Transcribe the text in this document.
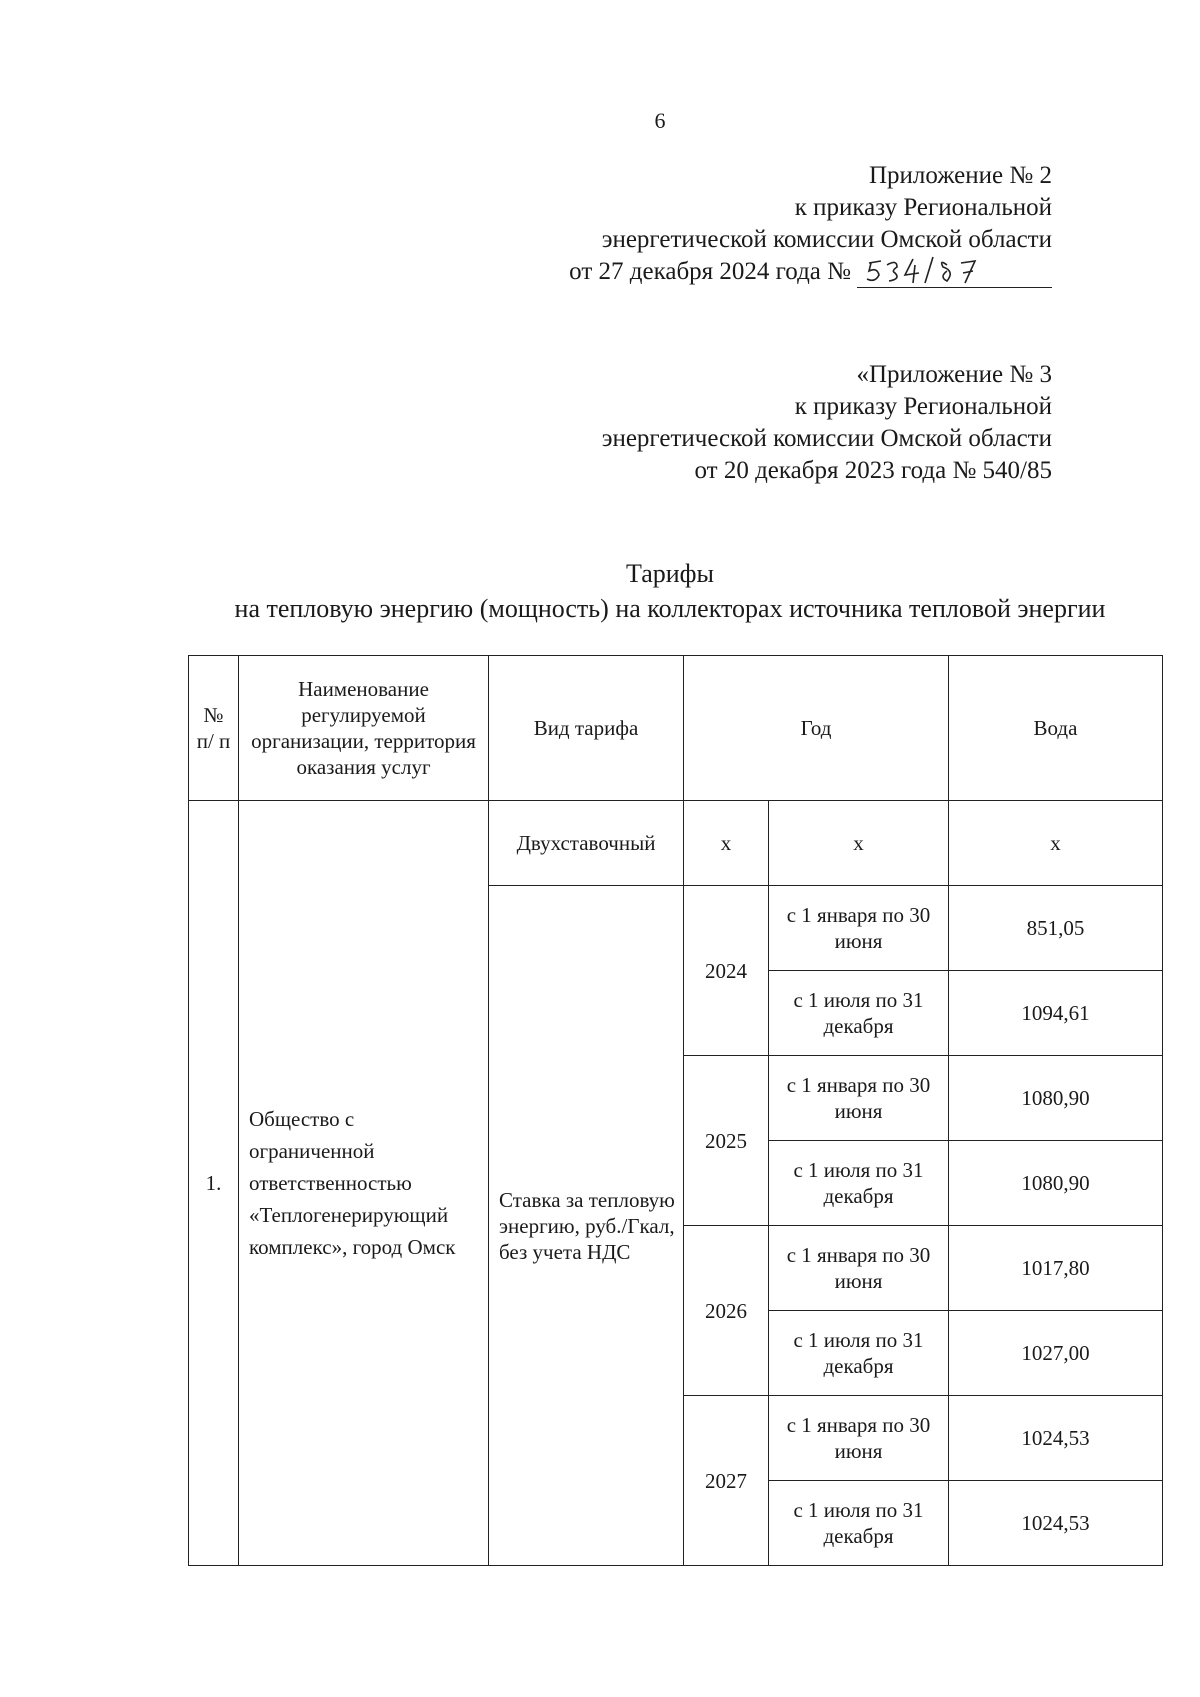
6
Приложение № 2
к приказу Региональной
энергетической комиссии Омской области
от 27 декабря 2024 года №
«Приложение № 3
к приказу Региональной
энергетической комиссии Омской области
от 20 декабря 2023 года № 540/85
Тарифы
на тепловую энергию (мощность) на коллекторах источника тепловой энергии
№ п/ п	Наименование регулируемой организации, территория оказания услуг	Вид тарифа	Год		Вода
1.	Общество с ограниченной ответственностью «Теплогенерирующий комплекс», город Омск	Двухставочный	x	x	x
		Ставка за тепловую энергию, руб./Гкал, без учета НДС	2024	с 1 января по 30 июня	851,05
				с 1 июля по 31 декабря	1094,61
			2025	с 1 января по 30 июня	1080,90
				с 1 июля по 31 декабря	1080,90
			2026	с 1 января по 30 июня	1017,80
				с 1 июля по 31 декабря	1027,00
			2027	с 1 января по 30 июня	1024,53
				с 1 июля по 31 декабря	1024,53
